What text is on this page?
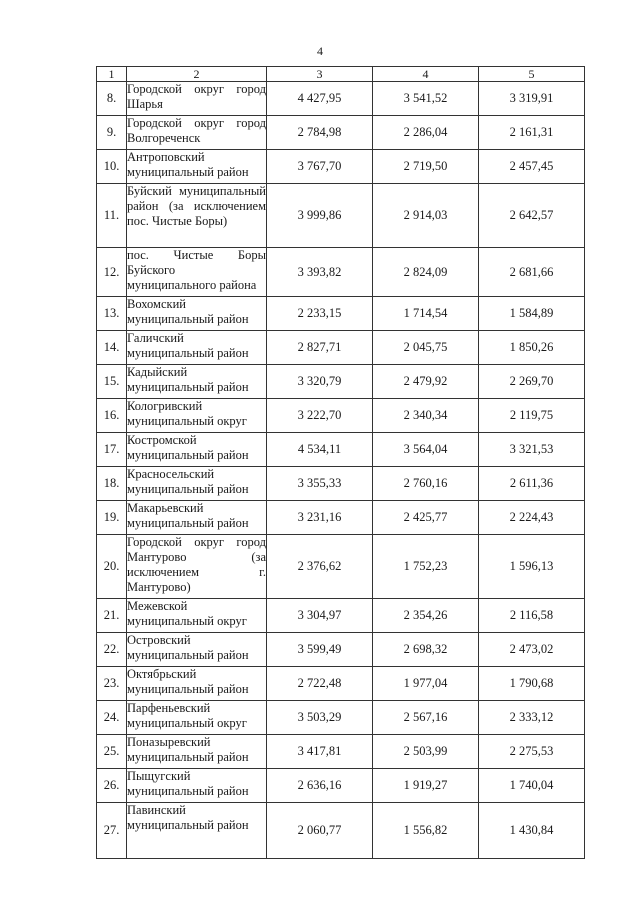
4
1	2	3	4	5
8.	Городской округ город Шарья	4 427,95	3 541,52	3 319,91
9.	Городской округ город Волгореченск	2 784,98	2 286,04	2 161,31
10.	Антроповский муниципальный район	3 767,70	2 719,50	2 457,45
11.	Буйский муниципальный район (за исключением пос. Чистые Боры)	3 999,86	2 914,03	2 642,57
12.	пос. Чистые Боры Буйского муниципального района	3 393,82	2 824,09	2 681,66
13.	Вохомский муниципальный район	2 233,15	1 714,54	1 584,89
14.	Галичский муниципальный район	2 827,71	2 045,75	1 850,26
15.	Кадыйский муниципальный район	3 320,79	2 479,92	2 269,70
16.	Кологривский муниципальный округ	3 222,70	2 340,34	2 119,75
17.	Костромской муниципальный район	4 534,11	3 564,04	3 321,53
18.	Красносельский муниципальный район	3 355,33	2 760,16	2 611,36
19.	Макарьевский муниципальный район	3 231,16	2 425,77	2 224,43
20.	Городской округ город Мантурово (за исключением г. Мантурово)	2 376,62	1 752,23	1 596,13
21.	Межевской муниципальный округ	3 304,97	2 354,26	2 116,58
22.	Островский муниципальный район	3 599,49	2 698,32	2 473,02
23.	Октябрьский муниципальный район	2 722,48	1 977,04	1 790,68
24.	Парфеньевский муниципальный округ	3 503,29	2 567,16	2 333,12
25.	Поназыревский муниципальный район	3 417,81	2 503,99	2 275,53
26.	Пыщугский муниципальный район	2 636,16	1 919,27	1 740,04
27.	Павинский муниципальный район	2 060,77	1 556,82	1 430,84
